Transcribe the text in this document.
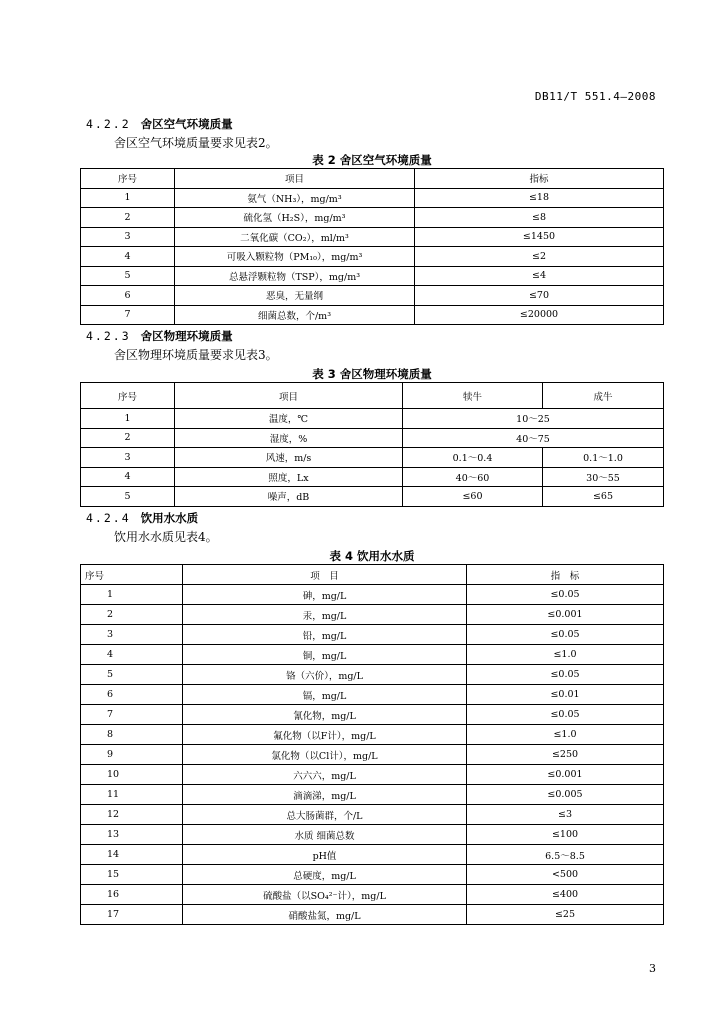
DB11/T 551.4—2008
4.2.2 舍区空气环境质量
舍区空气环境质量要求见表2。
表 2 舍区空气环境质量
序号	项目	指标
1	氨气（NH₃），mg/m³	≤18
2	硫化氢（H₂S），mg/m³	≤8
3	二氧化碳（CO₂），ml/m³	≤1450
4	可吸入颗粒物（PM₁₀），mg/m³	≤2
5	总悬浮颗粒物（TSP），mg/m³	≤4
6	恶臭，无量纲	≤70
7	细菌总数，个/m³	≤20000
4.2.3 舍区物理环境质量
舍区物理环境质量要求见表3。
表 3 舍区物理环境质量
序号	项目	犊牛	成牛
1	温度，℃	10～25	
2	湿度，%	40～75	
3	风速，m/s	0.1～0.4	0.1～1.0
4	照度，Lx	40～60	30～55
5	噪声，dB	≤60	≤65
4.2.4 饮用水水质
饮用水水质见表4。
表 4 饮用水水质
序号	项　目	指　标
1	砷，mg/L	≤0.05
2	汞，mg/L	≤0.001
3	铅，mg/L	≤0.05
4	铜，mg/L	≤1.0
5	铬（六价），mg/L	≤0.05
6	镉，mg/L	≤0.01
7	氰化物，mg/L	≤0.05
8	氟化物（以F计），mg/L	≤1.0
9	氯化物（以Cl计），mg/L	≤250
10	六六六，mg/L	≤0.001
11	滴滴涕，mg/L	≤0.005
12	总大肠菌群，个/L	≤3
13	水质 细菌总数	≤100
14	pH值	6.5～8.5
15	总硬度，mg/L	<500
16	硫酸盐（以SO₄²⁻计），mg/L	≤400
17	硝酸盐氮，mg/L	≤25
3
